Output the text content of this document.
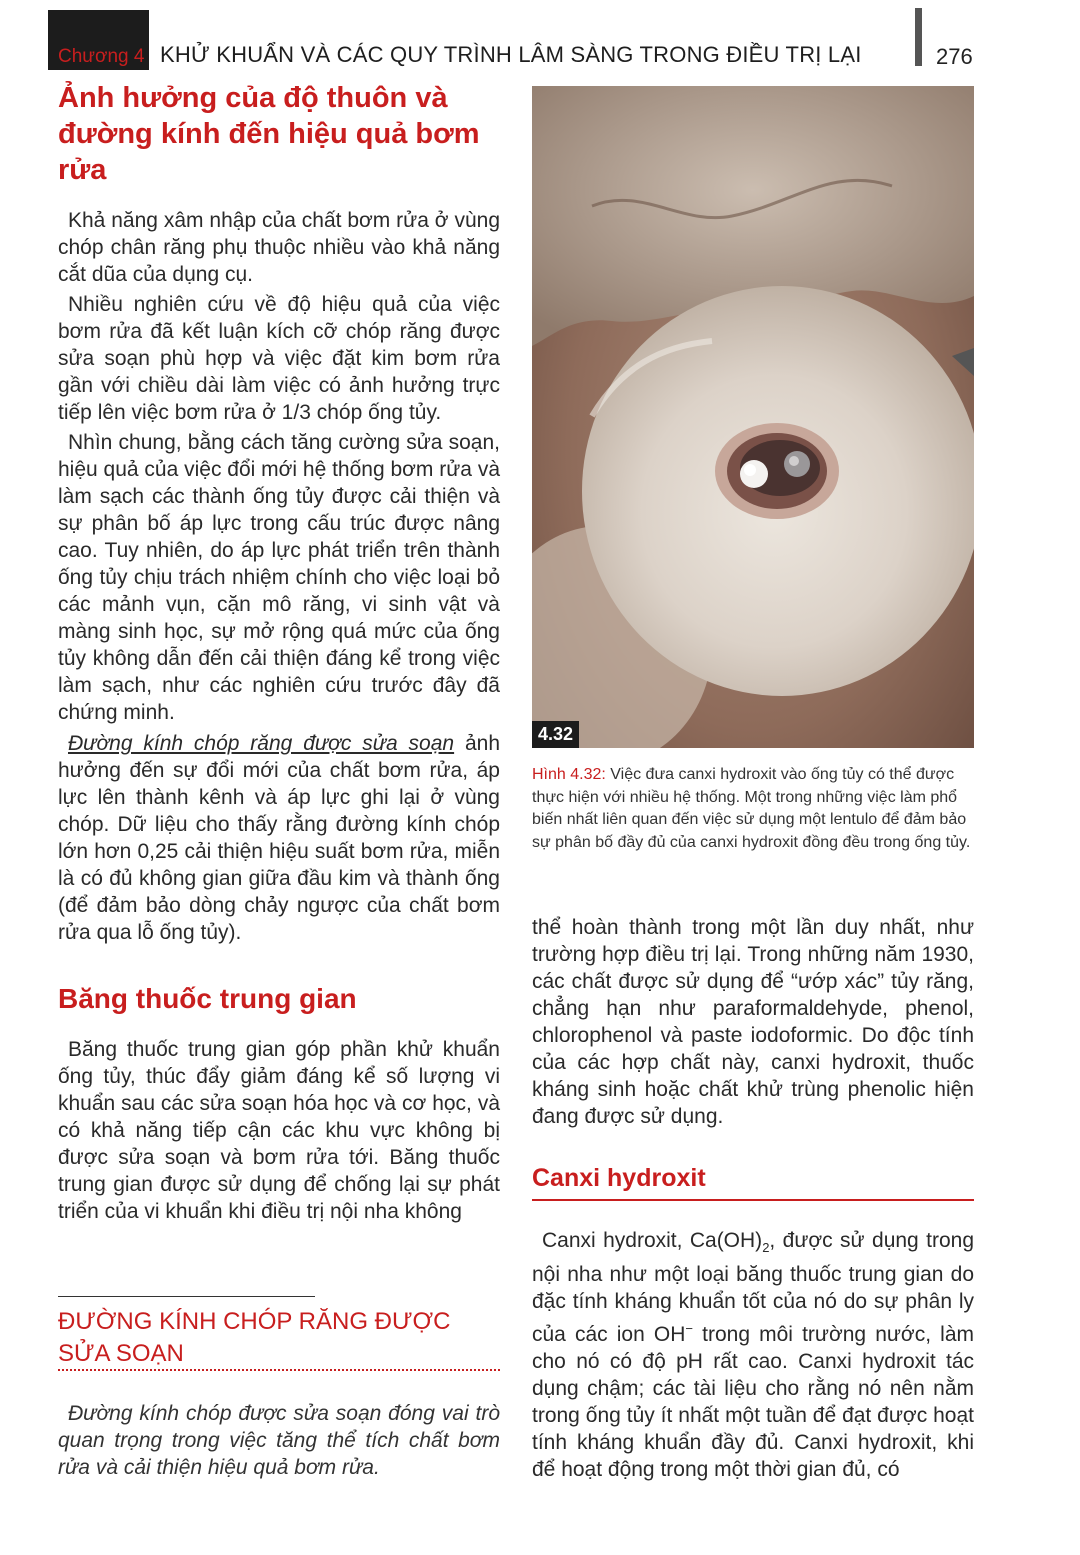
Chương 4 KHỬ KHUẨN VÀ CÁC QUY TRÌNH LÂM SÀNG TRONG ĐIỀU TRỊ LẠI	276
Ảnh hưởng của độ thuôn và đường kính đến hiệu quả bơm rửa
Khả năng xâm nhập của chất bơm rửa ở vùng chóp chân răng phụ thuộc nhiều vào khả năng cắt dũa của dụng cụ.
Nhiều nghiên cứu về độ hiệu quả của việc bơm rửa đã kết luận kích cỡ chóp răng được sửa soạn phù hợp và việc đặt kim bơm rửa gần với chiều dài làm việc có ảnh hưởng trực tiếp lên việc bơm rửa ở 1/3 chóp ống tủy.
Nhìn chung, bằng cách tăng cường sửa soạn, hiệu quả của việc đổi mới hệ thống bơm rửa và làm sạch các thành ống tủy được cải thiện và sự phân bố áp lực trong cấu trúc được nâng cao. Tuy nhiên, do áp lực phát triển trên thành ống tủy chịu trách nhiệm chính cho việc loại bỏ các mảnh vụn, cặn mô răng, vi sinh vật và màng sinh học, sự mở rộng quá mức của ống tủy không dẫn đến cải thiện đáng kể trong việc làm sạch, như các nghiên cứu trước đây đã chứng minh.
Đường kính chóp răng được sửa soạn ảnh hưởng đến sự đổi mới của chất bơm rửa, áp lực lên thành kênh và áp lực ghi lại ở vùng chóp. Dữ liệu cho thấy rằng đường kính chóp lớn hơn 0,25 cải thiện hiệu suất bơm rửa, miễn là có đủ không gian giữa đầu kim và thành ống (để đảm bảo dòng chảy ngược của chất bơm rửa qua lỗ ống tủy).
Băng thuốc trung gian
Băng thuốc trung gian góp phần khử khuẩn ống tủy, thúc đẩy giảm đáng kể số lượng vi khuẩn sau các sửa soạn hóa học và cơ học, và có khả năng tiếp cận các khu vực không bị được sửa soạn và bơm rửa tới. Băng thuốc trung gian được sử dụng để chống lại sự phát triển của vi khuẩn khi điều trị nội nha không
ĐƯỜNG KÍNH CHÓP RĂNG ĐƯỢC SỬA SOẠN
Đường kính chóp được sửa soạn đóng vai trò quan trọng trong việc tăng thể tích chất bơm rửa và cải thiện hiệu quả bơm rửa.
4.32
Hình 4.32: Việc đưa canxi hydroxit vào ống tủy có thể được thực hiện với nhiều hệ thống. Một trong những việc làm phổ biến nhất liên quan đến việc sử dụng một lentulo để đảm bảo sự phân bố đầy đủ của canxi hydroxit đồng đều trong ống tủy.
thể hoàn thành trong một lần duy nhất, như trường hợp điều trị lại. Trong những năm 1930, các chất được sử dụng để “ướp xác” tủy răng, chẳng hạn như paraformaldehyde, phenol, chlorophenol và paste iodoformic. Do độc tính của các hợp chất này, canxi hydroxit, thuốc kháng sinh hoặc chất khử trùng phenolic hiện đang được sử dụng.
Canxi hydroxit
Canxi hydroxit, $Ca(OH)_2$, được sử dụng trong nội nha như một loại băng thuốc trung gian do đặc tính kháng khuẩn tốt của nó do sự phân ly của các ion OH− trong môi trường nước, làm cho nó có độ pH rất cao. Canxi hydroxit tác dụng chậm; các tài liệu cho rằng nó nên nằm trong ống tủy ít nhất một tuần để đạt được hoạt tính kháng khuẩn đầy đủ. Canxi hydroxit, khi để hoạt động trong một thời gian đủ, có
